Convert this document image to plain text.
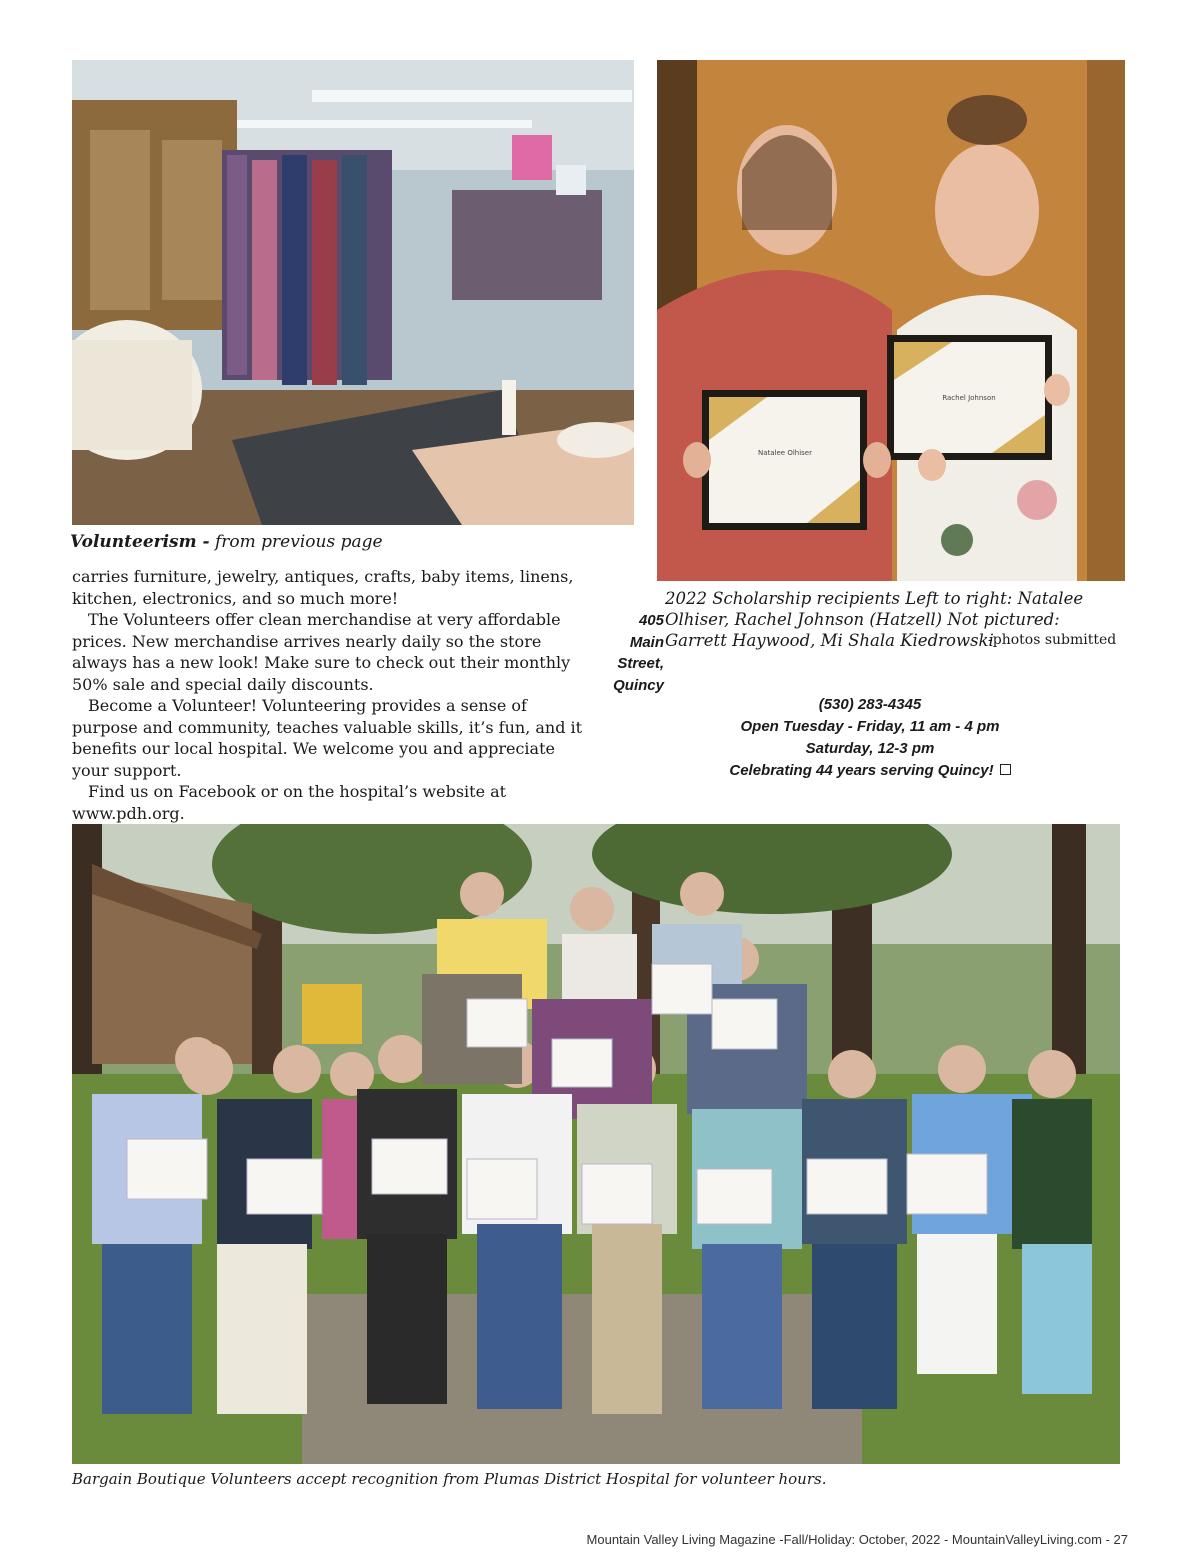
Natalee Olhiser
Rachel Johnson
Volunteerism - from previous page

carries furniture, jewelry, antiques, crafts, baby items, linens, kitchen, electronics, and so much more!

The Volunteers offer clean merchandise at very affordable prices. New merchandise arrives nearly daily so the store always has a new look! Make sure to check out their monthly 50% sale and special daily discounts.

Become a Volunteer! Volunteering provides a sense of purpose and community, teaches valuable skills, it’s fun, and it benefits our local hospital. We welcome you and appreciate your support.

Find us on Facebook or on the hospital’s website at www.pdh.org.

2022 Scholarship recipients Left to right: Natalee Olhiser, Rachel Johnson (Hatzell) Not pictured: Garrett Haywood, Mi Shala Kiedrowski
-photos submitted
405
Main
Street,
Quincy
(530) 283-4345
Open Tuesday - Friday, 11 am - 4 pm
Saturday, 12-3 pm
Celebrating 44 years serving Quincy!
Bargain Boutique Volunteers accept recognition from Plumas District Hospital for volunteer hours.
Mountain Valley Living Magazine -Fall/Holiday: October, 2022 - MountainValleyLiving.com - 27
